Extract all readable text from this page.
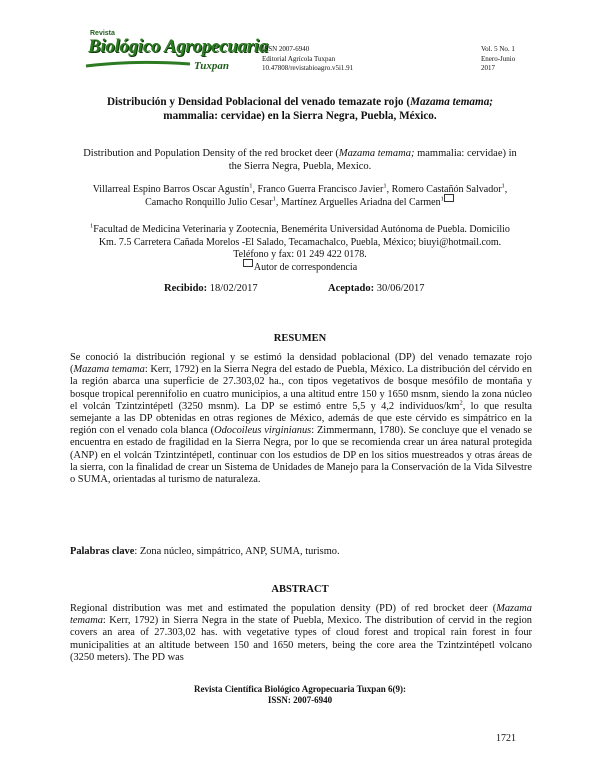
Revista
Biológico Agropecuaria
Tuxpan
ISSN 2007-6940
Editorial Agrícola Tuxpan
10.47808/revistabioagro.v5i1.91
Vol. 5 No. 1
Enero-Junio
2017
Distribución y Densidad Poblacional del venado temazate rojo (Mazama temama;
mammalia: cervidae) en la Sierra Negra, Puebla, México.
Distribution and Population Density of the red brocket deer (Mazama temama; mammalia: cervidae) in the Sierra Negra, Puebla, Mexico.
Villarreal Espino Barros Oscar Agustín$^1$, Franco Guerra Francisco Javier$^1$, Romero Castañón Salvador$^1$, Camacho Ronquillo Julio Cesar$^1$, Martínez Arguelles Ariadna del Carmen$^1$
$^1$Facultad de Medicina Veterinaria y Zootecnia, Benemérita Universidad Autónoma de Puebla. Domicilio Km. 7.5 Carretera Cañada Morelos -El Salado, Tecamachalco, Puebla, México; biuyi@hotmail.com. Teléfono y fax: 01 249 422 0178.
Autor de correspondencia
Recibido: 18/02/2017	Aceptado: 30/06/2017
RESUMEN
Se conoció la distribución regional y se estimó la densidad poblacional (DP) del venado temazate rojo (Mazama temama: Kerr, 1792) en la Sierra Negra del estado de Puebla, México. La distribución del cérvido en la región abarca una superficie de 27.303,02 ha., con tipos vegetativos de bosque mesófilo de montaña y bosque tropical perennifolio en cuatro municipios, a una altitud entre 150 y 1650 msnm, siendo la zona núcleo el volcán Tzintzintépetl (3250 msnm). La DP se estimó entre 5,5 y 4,2 individuos/$km^2$, lo que resulta semejante a las DP obtenidas en otras regiones de México, además de que este cérvido es simpátrico en la región con el venado cola blanca (Odocoileus virginianus: Zimmermann, 1780). Se concluye que el venado se encuentra en estado de fragilidad en la Sierra Negra, por lo que se recomienda crear un área natural protegida (ANP) en el volcán Tzintzintépetl, continuar con los estudios de DP en los sitios muestreados y otras áreas de la sierra, con la finalidad de crear un Sistema de Unidades de Manejo para la Conservación de la Vida Silvestre o SUMA, orientadas al turismo de naturaleza.
Palabras clave: Zona núcleo, simpátrico, ANP, SUMA, turismo.
ABSTRACT
Regional distribution was met and estimated the population density (PD) of red brocket deer (Mazama temama: Kerr, 1792) in Sierra Negra in the state of Puebla, Mexico. The distribution of cervid in the region covers an area of 27.303,02 has. with vegetative types of cloud forest and tropical rain forest in four municipalities at an altitude between 150 and 1650 meters, being the core area the Tzintzintépetl volcano (3250 meters). The PD was
Revista Científica Biológico Agropecuaria Tuxpan 6(9):
ISSN: 2007-6940
1721
